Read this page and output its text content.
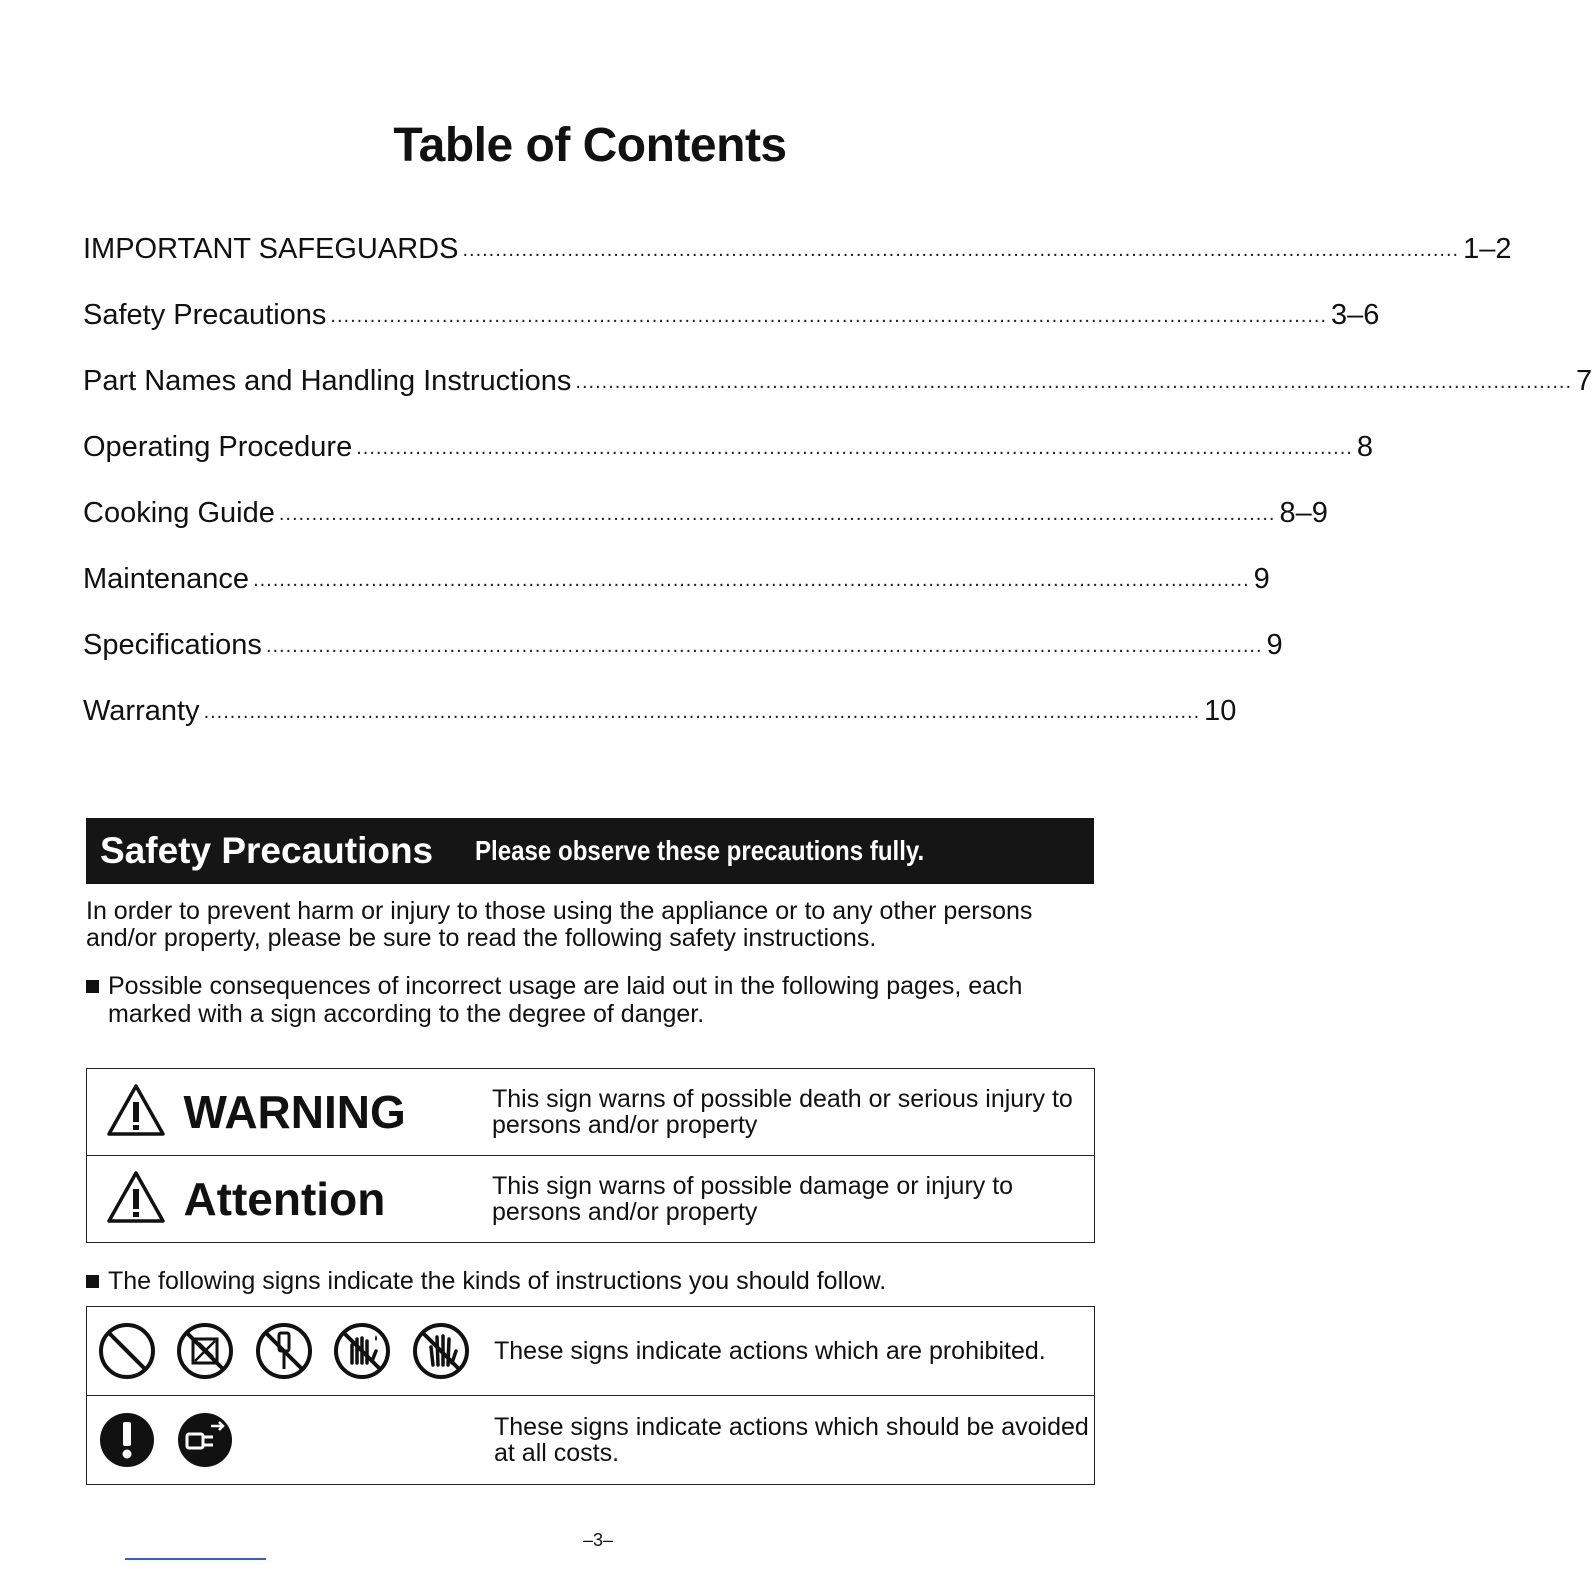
Table of Contents
IMPORTANT SAFEGUARDS ........................................................................................................................................................ 1–2
Safety Precautions ........................................................................................................................................................ 3–6
Part Names and Handling Instructions ........................................................................................................................................................ 7
Operating Procedure ........................................................................................................................................................ 8
Cooking Guide ........................................................................................................................................................ 8–9
Maintenance ........................................................................................................................................................ 9
Specifications ........................................................................................................................................................ 9
Warranty ........................................................................................................................................................ 10
Safety Precautions Please observe these precautions fully.
In order to prevent harm or injury to those using the appliance or to any other persons and/or property, please be sure to read the following safety instructions.
Possible consequences of incorrect usage are laid out in the following pages, each marked with a sign according to the degree of danger.
WARNING	This sign warns of possible death or serious injury to persons and/or property
Attention	This sign warns of possible damage or injury to persons and/or property
The following signs indicate the kinds of instructions you should follow.
	These signs indicate actions which are prohibited.
	These signs indicate actions which should be avoided at all costs.
–3–
